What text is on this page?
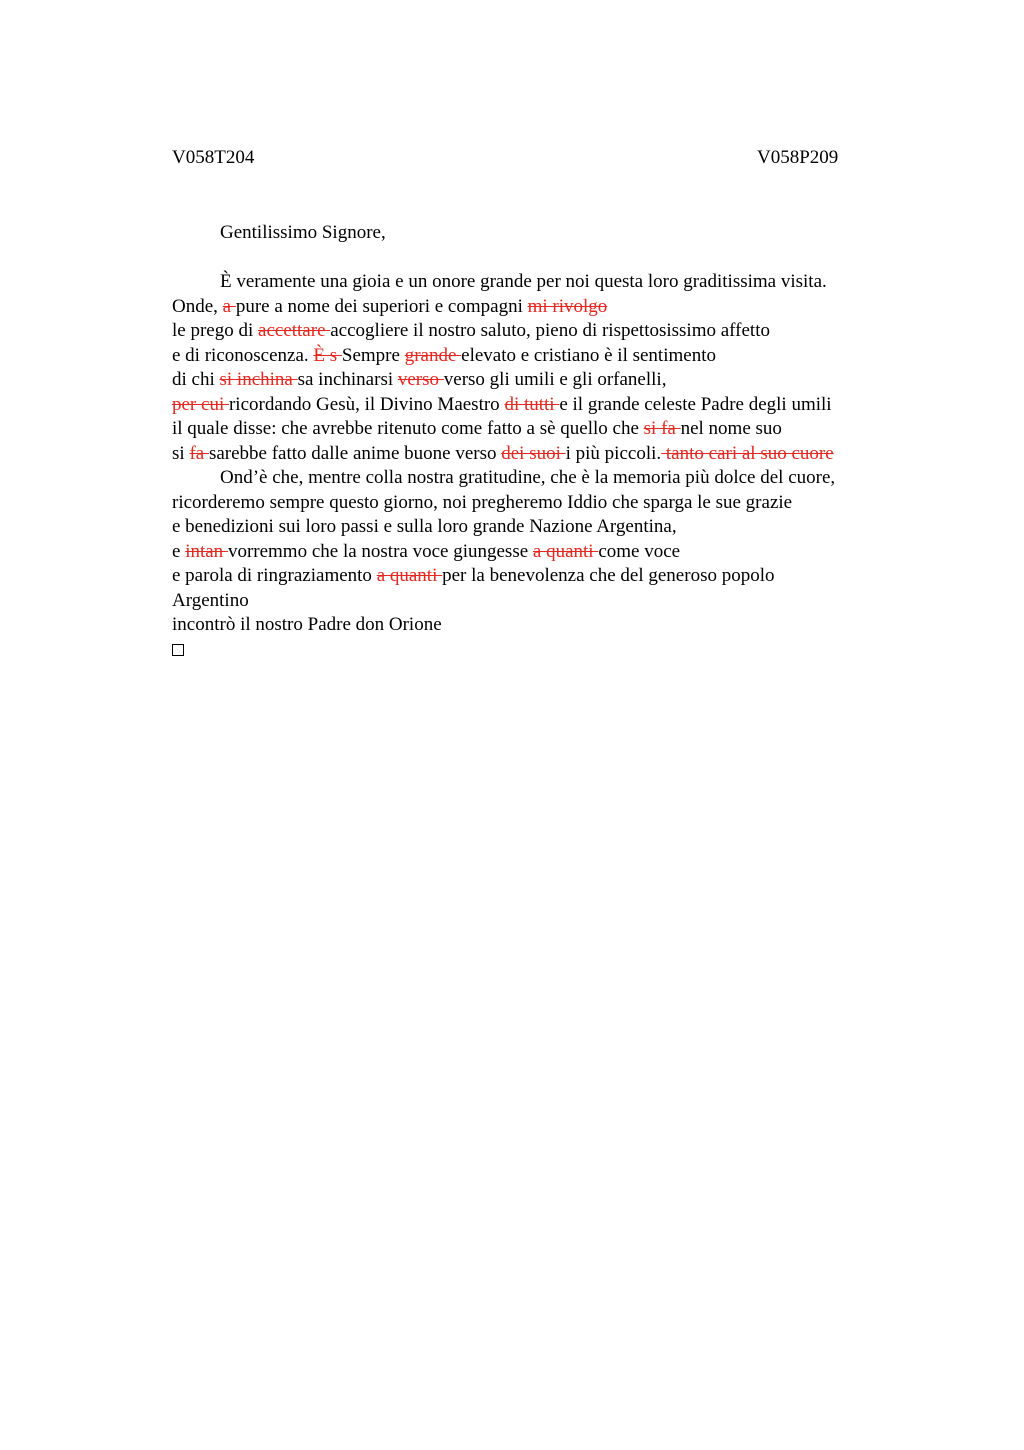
V058T204	V058P209
Gentilissimo Signore,
È veramente una gioia e un onore grande per noi questa loro graditissima visita.
Onde, a pure a nome dei superiori e compagni mi rivolgo
le prego di accettare accogliere il nostro saluto, pieno di rispettosissimo affetto
e di riconoscenza. È s Sempre grande elevato e cristiano è il sentimento
di chi si inchina sa inchinarsi verso verso gli umili e gli orfanelli,
per cui ricordando Gesù, il Divino Maestro di tutti e il grande celeste Padre degli umili
il quale disse: che avrebbe ritenuto come fatto a sè quello che si fa nel nome suo
si fa sarebbe fatto dalle anime buone verso dei suoi i più piccoli. tanto cari al suo cuore
Ond’è che, mentre colla nostra gratitudine, che è la memoria più dolce del cuore,
ricorderemo sempre questo giorno, noi pregheremo Iddio che sparga le sue grazie
e benedizioni sui loro passi e sulla loro grande Nazione Argentina,
e intan vorremmo che la nostra voce giungesse a quanti come voce
e parola di ringraziamento a quanti per la benevolenza che del generoso popolo
Argentino
incontrò il nostro Padre don Orione
